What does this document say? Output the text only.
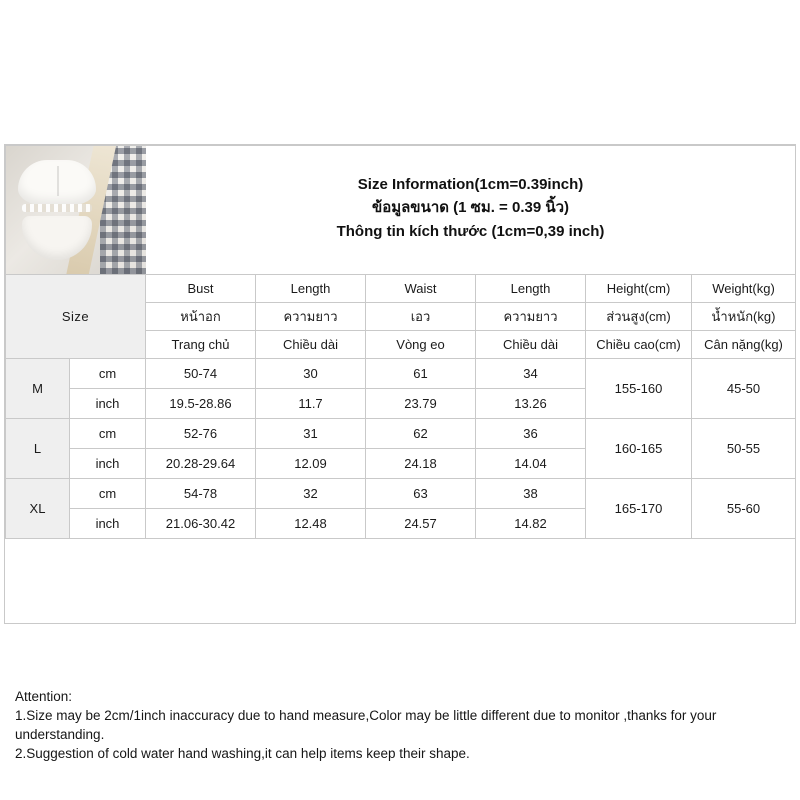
		Size Information(1cm=0.39inch)
ข้อมูลขนาด (1 ซม. = 0.39 นิ้ว)
Thông tin kích thước (1cm=0,39 inch)					

Size		Bust	Length	Waist	Length	Height(cm)	Weight(kg)
		หน้าอก	ความยาว	เอว	ความยาว	ส่วนสูง(cm)	น้ำหนัก(kg)
		Trang chủ	Chiều dài	Vòng eo	Chiều dài	Chiều cao(cm)	Cân nặng(kg)
M	cm	50-74	30	61	34	155-160	45-50
	inch	19.5-28.86	11.7	23.79	13.26		
L	cm	52-76	31	62	36	160-165	50-55
	inch	20.28-29.64	12.09	24.18	14.04		
XL	cm	54-78	32	63	38	165-170	55-60
	inch	21.06-30.42	12.48	24.57	14.82		

Attention:

1.Size may be 2cm/1inch inaccuracy due to hand measure,Color may be little different due to monitor ,thanks for your understanding.

2.Suggestion of cold water hand washing,it can help items keep their shape.
